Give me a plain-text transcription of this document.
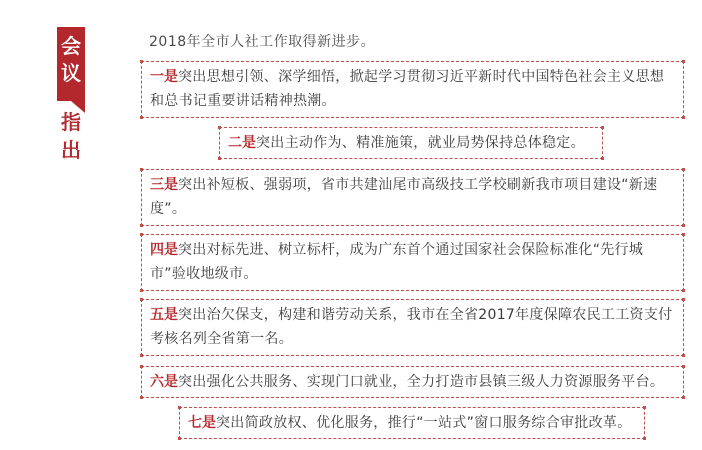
会
议
指
出
2018年全市人社工作取得新进步。
一是突出思想引领、深学细悟，掀起学习贯彻习近平新时代中国特色社会主义思想和总书记重要讲话精神热潮。
二是突出主动作为、精准施策，就业局势保持总体稳定。
三是突出补短板、强弱项，省市共建汕尾市高级技工学校刷新我市项目建设“新速度”。
四是突出对标先进、树立标杆，成为广东首个通过国家社会保险标准化“先行城市”验收地级市。
五是突出治欠保支，构建和谐劳动关系，我市在全省2017年度保障农民工工资支付考核名列全省第一名。
六是突出强化公共服务、实现门口就业，全力打造市县镇三级人力资源服务平台。
七是突出简政放权、优化服务，推行“一站式”窗口服务综合审批改革。
